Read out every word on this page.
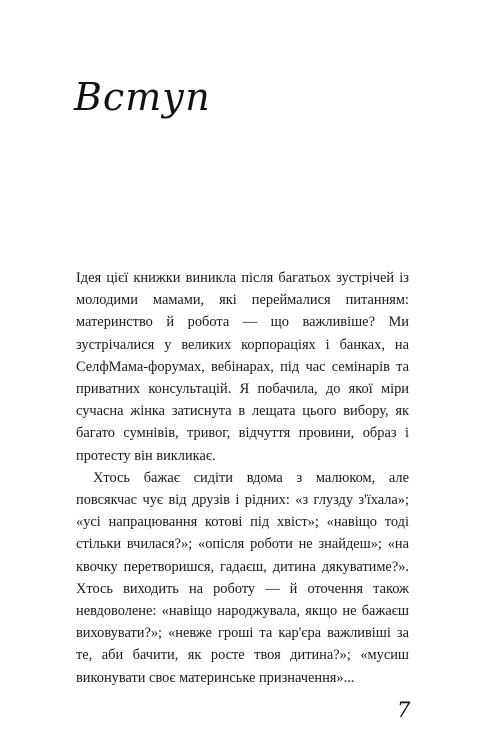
Вступ

Ідея цієї книжки виникла після багатьох зустрічей із молодими мамами, які переймалися питанням: материнство й робота — що важливіше? Ми зустрічалися у великих корпораціях і банках, на СелфМама-форумах, вебінарах, під час семінарів та приватних консультацій. Я побачила, до якої міри сучасна жінка затиснута в лещата цього вибору, як багато сумнівів, тривог, відчуття провини, образ і протесту він викликає.

Хтось бажає сидіти вдома з малюком, але повсякчас чує від друзів і рідних: «з глузду з'їхала»; «усі напрацювання котові під хвіст»; «навіщо тоді стільки вчилася?»; «опісля роботи не знайдеш»; «на квочку перетворишся, гадаєш, дитина дякуватиме?». Хтось виходить на роботу — й оточення також невдоволене: «навіщо народжувала, якщо не бажаєш виховувати?»; «невже гроші та кар'єра важливіші за те, аби бачити, як росте твоя дитина?»; «мусиш виконувати своє материнське призначення»...

7
